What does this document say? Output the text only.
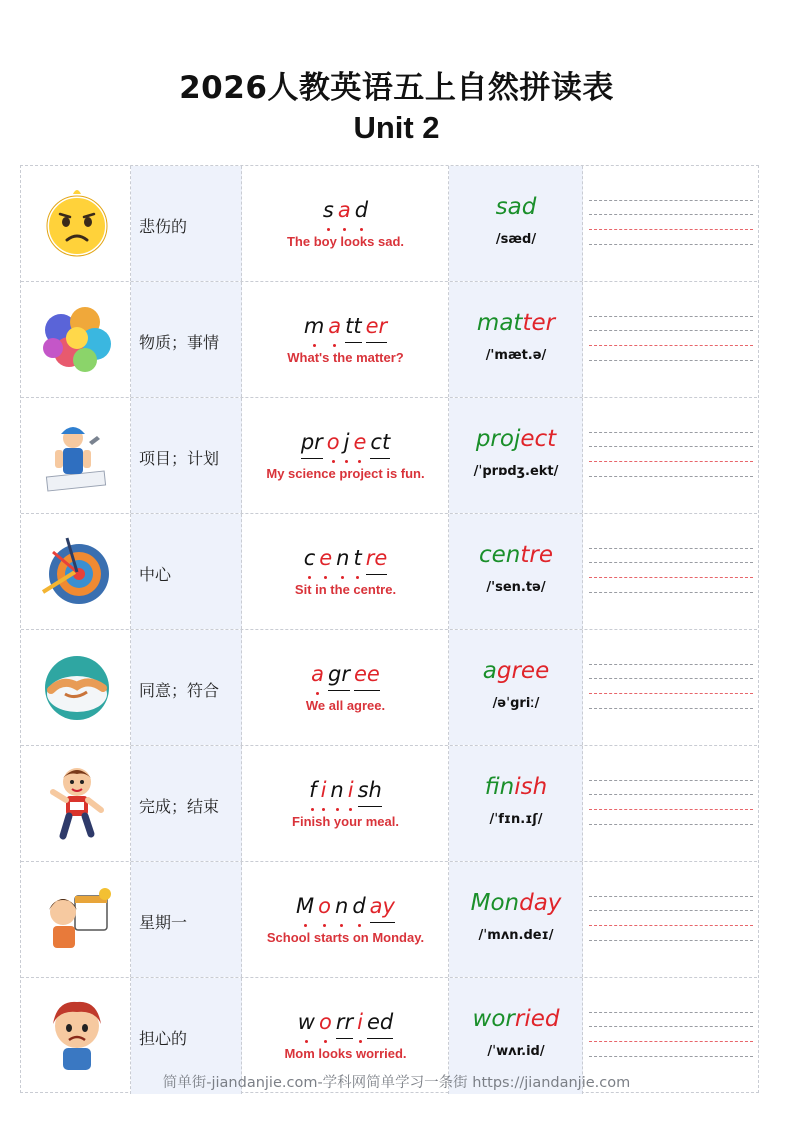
2026人教英语五上自然拼读表
Unit 2
悲伤的
s a d
The boy looks sad.
sad
/sæd/
物质；事情
m a tt er
What's the matter?
matter
/'mæt.ə/
项目；计划
pr o j e ct
My science project is fun.
project
/ˈprɒdʒ.ekt/
中心
c e n t re
Sit in the centre.
centre
/'sen.tə/
同意；符合
a gr ee
We all agree.
agree
/əˈgriː/
完成；结束
f i n i sh
Finish your meal.
finish
/ˈfɪn.ɪʃ/
星期一
M o n d ay
School starts on Monday.
Monday
/ˈmʌn.deɪ/
担心的
w o rr i ed
Mom looks worried.
worried
/ˈwʌr.id/
简单街-jiandanjie.com-学科网简单学习一条街 https://jiandanjie.com
